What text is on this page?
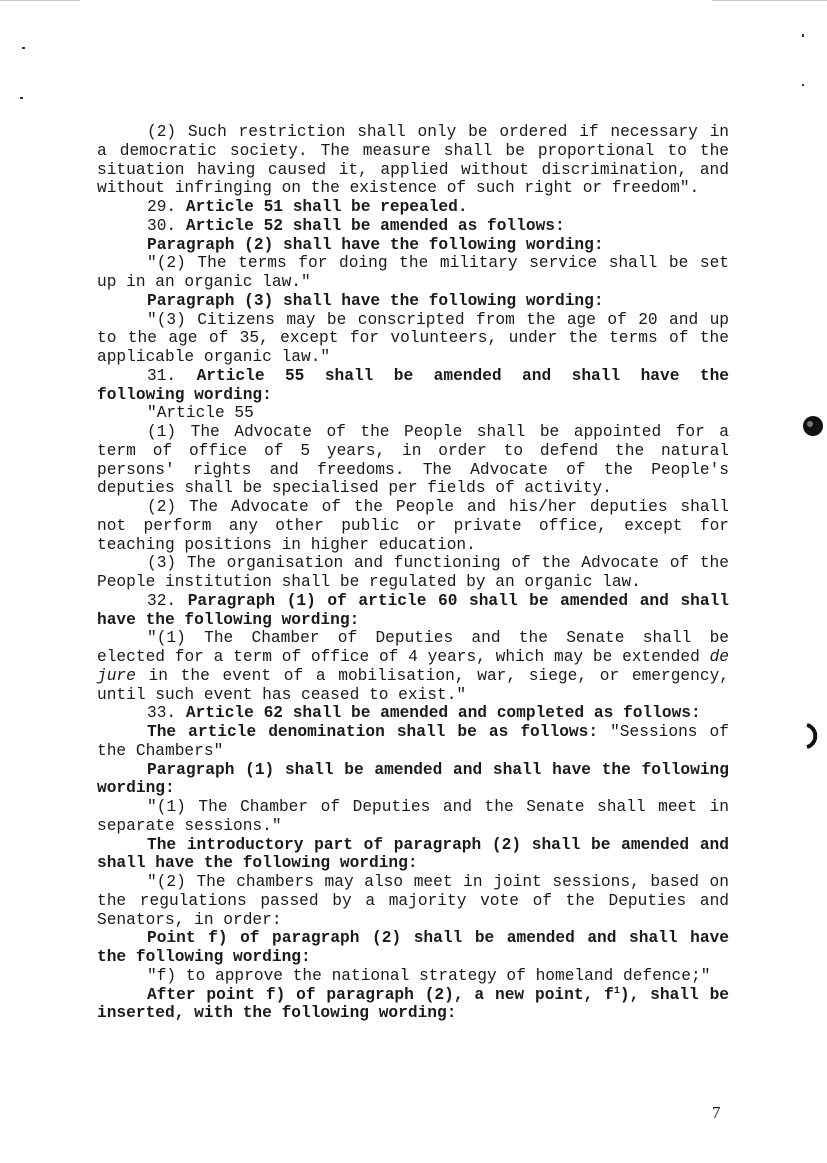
(2) Such restriction shall only be ordered if necessary in a democratic society. The measure shall be proportional to the situation having caused it, applied without discrimination, and without infringing on the existence of such right or freedom".

29. Article 51 shall be repealed.

30. Article 52 shall be amended as follows:

Paragraph (2) shall have the following wording:

"(2) The terms for doing the military service shall be set up in an organic law."

Paragraph (3) shall have the following wording:

"(3) Citizens may be conscripted from the age of 20 and up to the age of 35, except for volunteers, under the terms of the applicable organic law."

31. Article 55 shall be amended and shall have the following wording:

"Article 55

(1) The Advocate of the People shall be appointed for a term of office of 5 years, in order to defend the natural persons' rights and freedoms. The Advocate of the People's deputies shall be specialised per fields of activity.

(2) The Advocate of the People and his/her deputies shall not perform any other public or private office, except for teaching positions in higher education.

(3) The organisation and functioning of the Advocate of the People institution shall be regulated by an organic law.

32. Paragraph (1) of article 60 shall be amended and shall have the following wording:

"(1) The Chamber of Deputies and the Senate shall be elected for a term of office of 4 years, which may be extended de jure in the event of a mobilisation, war, siege, or emergency, until such event has ceased to exist."

33. Article 62 shall be amended and completed as follows:

The article denomination shall be as follows: "Sessions of the Chambers"

Paragraph (1) shall be amended and shall have the following wording:

"(1) The Chamber of Deputies and the Senate shall meet in separate sessions."

The introductory part of paragraph (2) shall be amended and shall have the following wording:

"(2) The chambers may also meet in joint sessions, based on the regulations passed by a majority vote of the Deputies and Senators, in order:

Point f) of paragraph (2) shall be amended and shall have the following wording:

"f) to approve the national strategy of homeland defence;"

After point f) of paragraph (2), a new point, $f^1$), shall be inserted, with the following wording:

7
